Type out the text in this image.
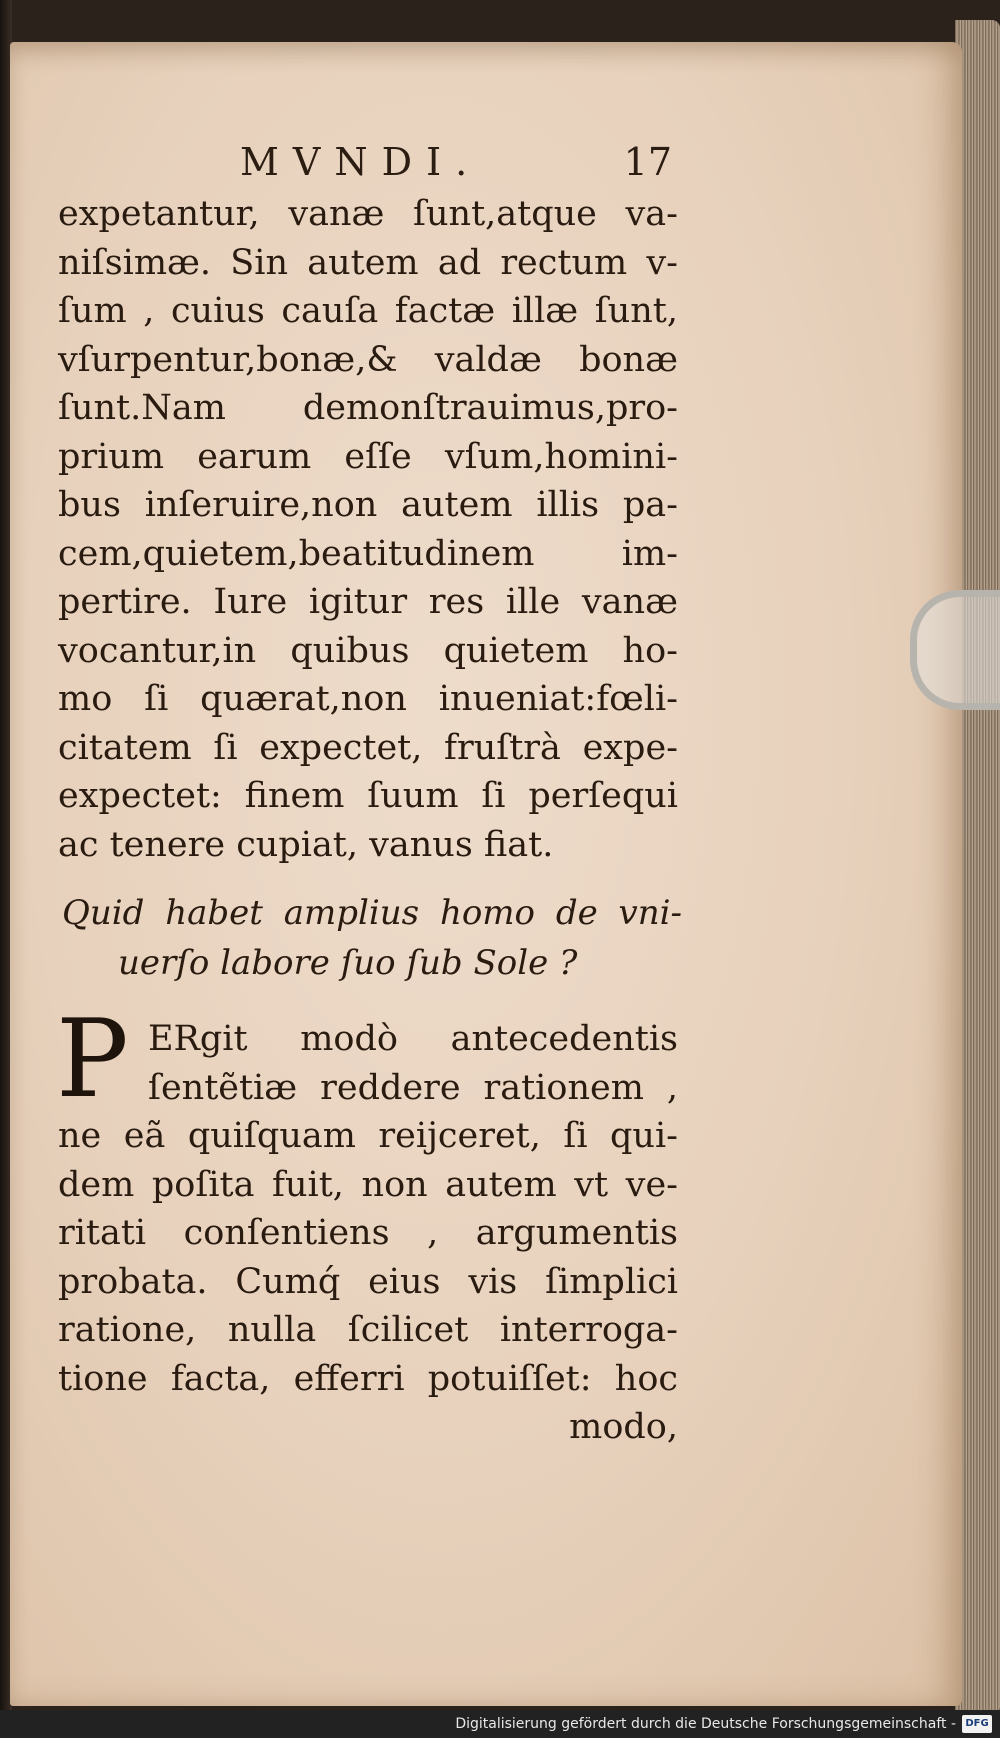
MVNDI.	17
expetantur, vanæ ſunt,atque va-
niſsimæ. Sin autem ad rectum v-
ſum , cuius cauſa factæ illæ ſunt,
vſurpentur,bonæ,& valdæ bonæ
ſunt.Nam demonſtrauimus,pro-
prium earum eſſe vſum,homini-
bus inſeruire,non autem illis pa-
cem,quietem,beatitudinem im-
pertire. Iure igitur res ille vanæ
vocantur,in quibus quietem ho-
mo ſi quærat,non inueniat:fœli-
citatem ſi expectet, fruſtrà expe-
expectet: finem ſuum ſi perſequi
ac tenere cupiat, vanus fiat.
Quid habet amplius homo de vni-
uerſo labore ſuo ſub Sole ?
P ERgit modò antecedentis
ſentẽtiæ reddere rationem ,
ne eã quiſquam reijceret, ſi qui-
dem poſita fuit, non autem vt ve-
ritati conſentiens , argumentis
probata. Cumq́ eius vis ſimplici
ratione, nulla ſcilicet interroga-
tione facta, efferri potuiſſet: hoc
modo,
Digitalisierung gefördert durch die Deutsche Forschungsgemeinschaft - DFG
